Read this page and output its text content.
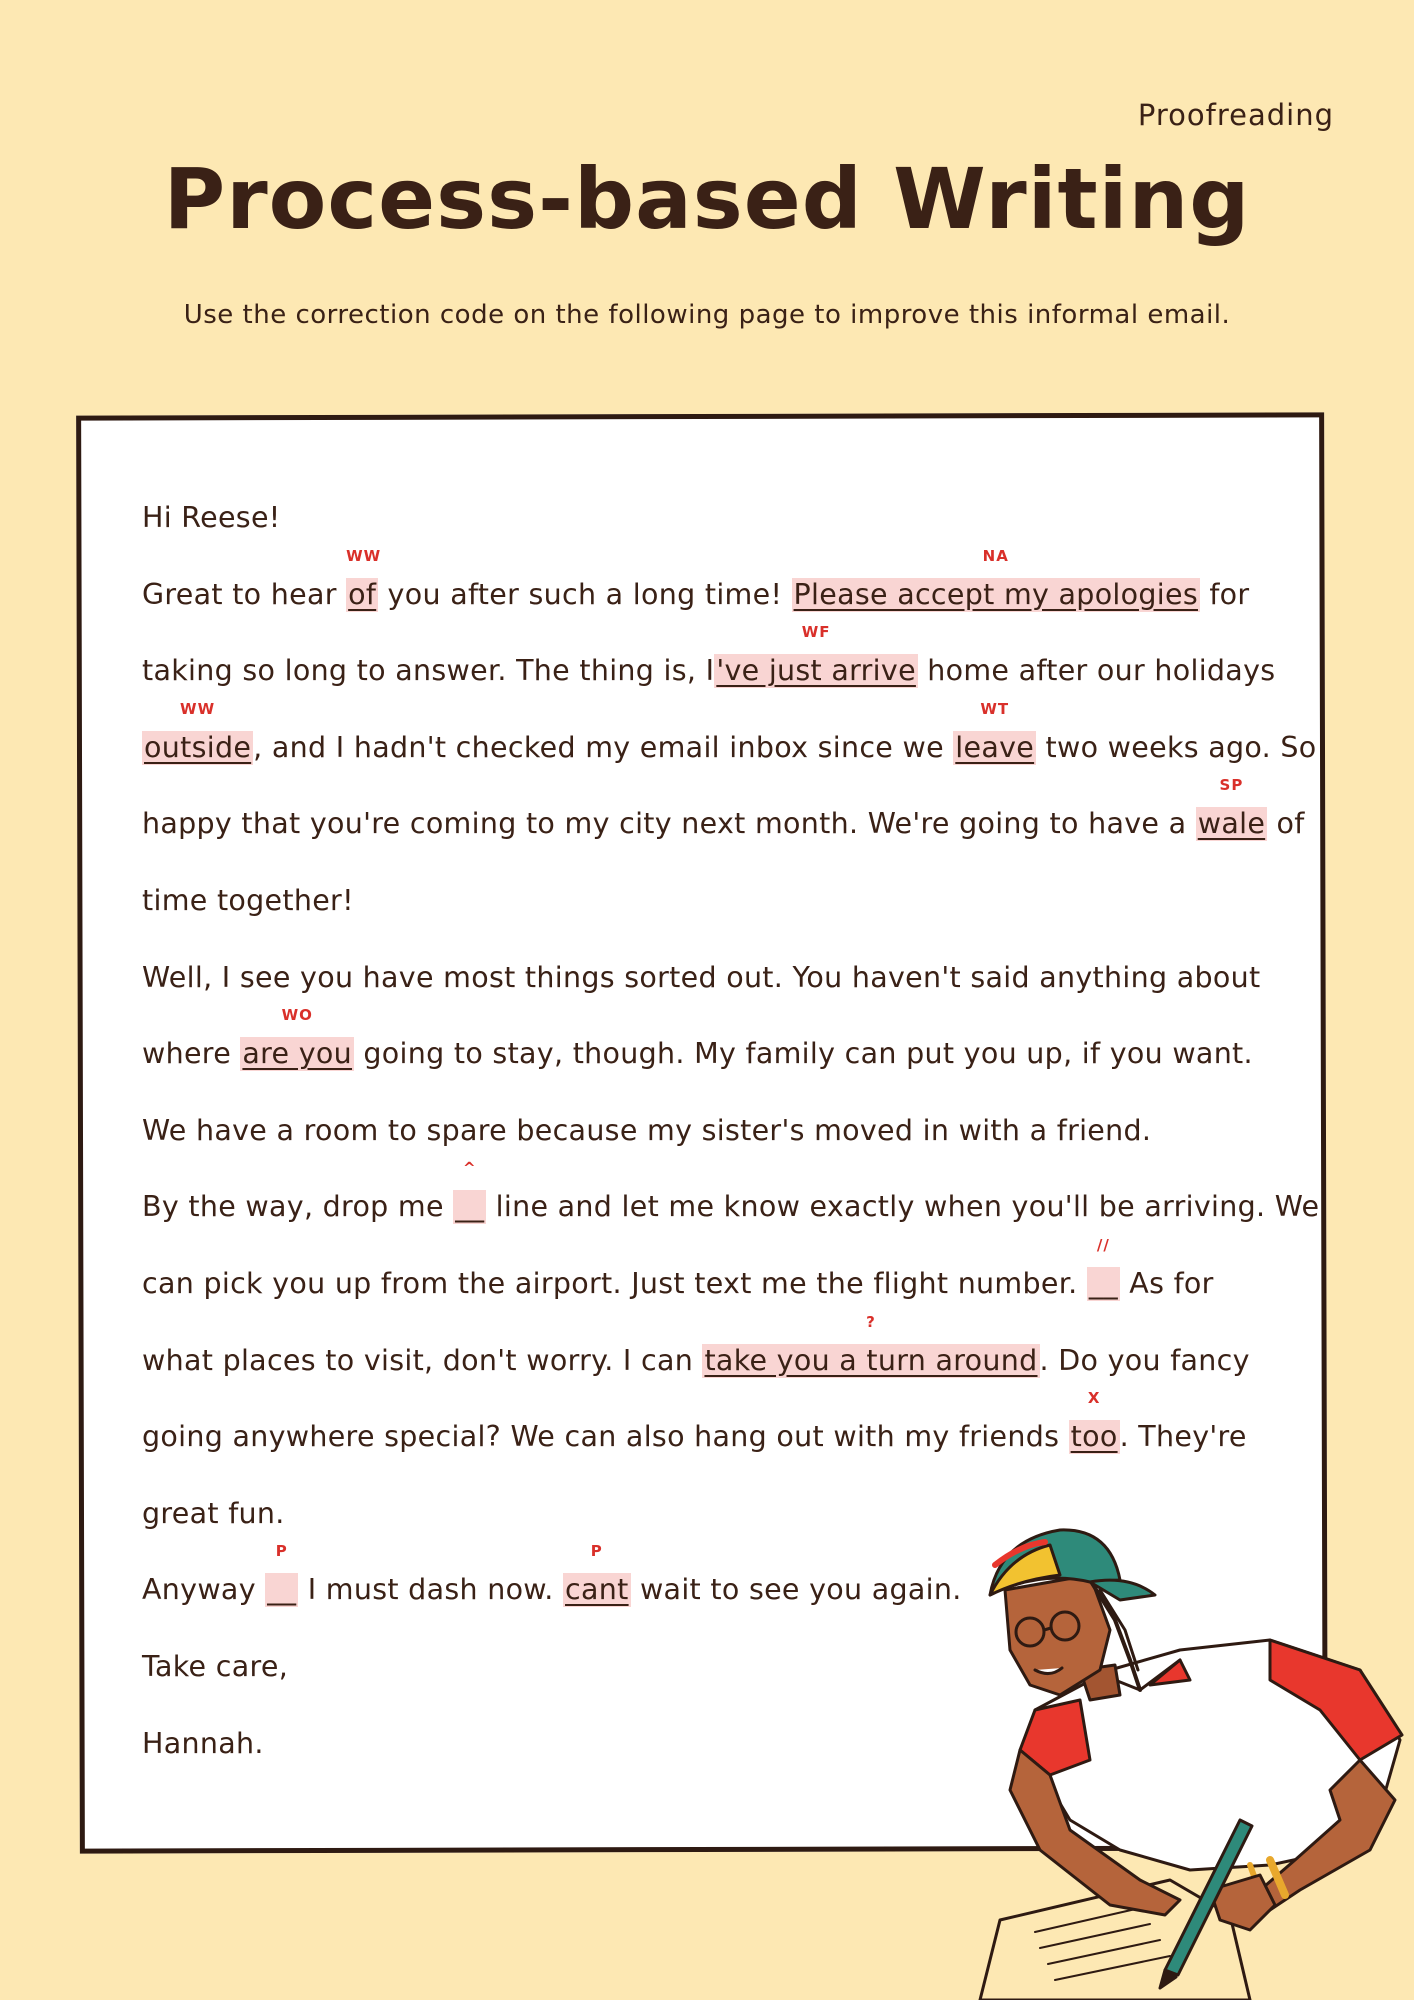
Proofreading
Process-based Writing
Use the correction code on the following page to improve this informal email.
Hi Reese!
Great to hear
WW
of you after such a long time!
NA
Please accept my apologies for
taking so long to answer. The thing is, I
WF
've just arrive home after our holidays
WW
outside, and I hadn't checked my email inbox since we
WT
leave two weeks ago. So
happy that you're coming to my city next month. We're going to have a
SP
wale of
time together!
Well, I see you have most things sorted out. You haven't said anything about
where
WO
are you going to stay, though. My family can put you up, if you want.
We have a room to spare because my sister's moved in with a friend.
By the way, drop me
^
__ line and let me know exactly when you'll be arriving. We
can pick you up from the airport. Just text me the flight number.
//
__ As for
what places to visit, don't worry. I can
?
take you a turn around. Do you fancy
going anywhere special? We can also hang out with my friends
X
too. They're
great fun.
Anyway
P
__ I must dash now.
P
cant wait to see you again.
Take care,
Hannah.
